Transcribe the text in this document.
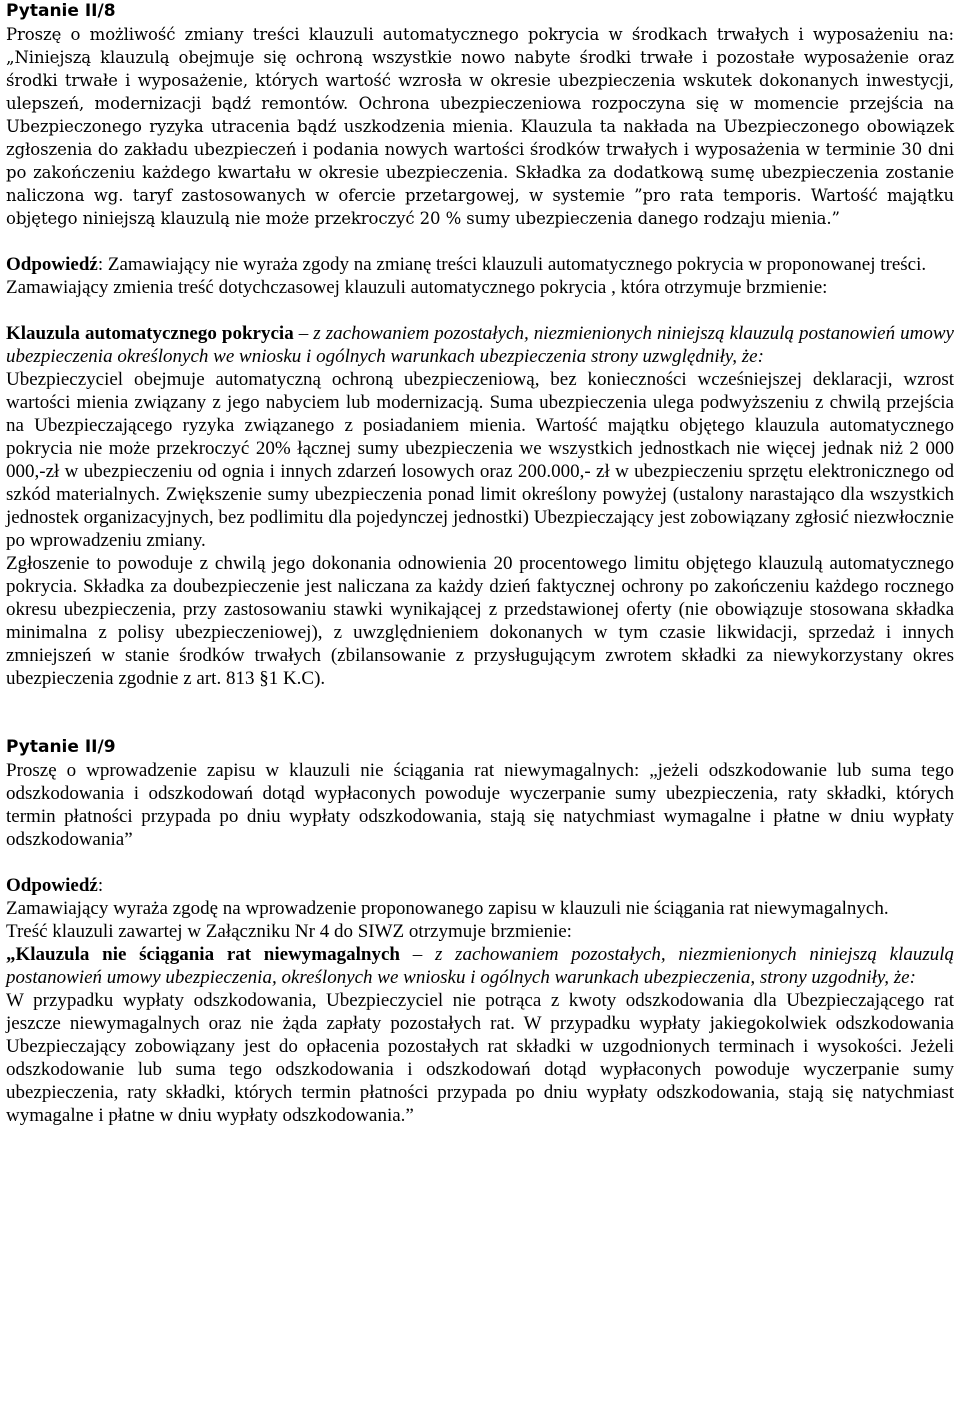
Pytanie II/8

Proszę o możliwość zmiany treści klauzuli automatycznego pokrycia w środkach trwałych i wyposażeniu na: „Niniejszą klauzulą obejmuje się ochroną wszystkie nowo nabyte środki trwałe i pozostałe wyposażenie oraz środki trwałe i wyposażenie, których wartość wzrosła w okresie ubezpieczenia wskutek dokonanych inwestycji, ulepszeń, modernizacji bądź remontów. Ochrona ubezpieczeniowa rozpoczyna się w momencie przejścia na Ubezpieczonego ryzyka utracenia bądź uszkodzenia mienia. Klauzula ta nakłada na Ubezpieczonego obowiązek zgłoszenia do zakładu ubezpieczeń i podania nowych wartości środków trwałych i wyposażenia w terminie 30 dni po zakończeniu każdego kwartału w okresie ubezpieczenia. Składka za dodatkową sumę ubezpieczenia zostanie naliczona wg. taryf zastosowanych w ofercie przetargowej, w systemie ”pro rata temporis. Wartość majątku objętego niniejszą klauzulą nie może przekroczyć 20 % sumy ubezpieczenia danego rodzaju mienia.”

Odpowiedź: Zamawiający nie wyraża zgody na zmianę treści klauzuli automatycznego pokrycia w proponowanej treści.

Zamawiający zmienia treść dotychczasowej klauzuli automatycznego pokrycia , która otrzymuje brzmienie:

Klauzula automatycznego pokrycia – z zachowaniem pozostałych, niezmienionych niniejszą klauzulą postanowień umowy ubezpieczenia określonych we wniosku i ogólnych warunkach ubezpieczenia strony uzwględniły, że:

Ubezpieczyciel obejmuje automatyczną ochroną ubezpieczeniową, bez konieczności wcześniejszej deklaracji, wzrost wartości mienia związany z jego nabyciem lub modernizacją. Suma ubezpieczenia ulega podwyższeniu z chwilą przejścia na Ubezpieczającego ryzyka związanego z posiadaniem mienia. Wartość majątku objętego klauzula automatycznego pokrycia nie może przekroczyć 20% łącznej sumy ubezpieczenia we wszystkich jednostkach nie więcej jednak niż 2 000 000,-zł w ubezpieczeniu od ognia i innych zdarzeń losowych oraz 200.000,- zł w ubezpieczeniu sprzętu elektronicznego od szkód materialnych. Zwiększenie sumy ubezpieczenia ponad limit określony powyżej (ustalony narastająco dla wszystkich jednostek organizacyjnych, bez podlimitu dla pojedynczej jednostki) Ubezpieczający jest zobowiązany zgłosić niezwłocznie po wprowadzeniu zmiany.

Zgłoszenie to powoduje z chwilą jego dokonania odnowienia 20 procentowego limitu objętego klauzulą automatycznego pokrycia. Składka za doubezpieczenie jest naliczana za każdy dzień faktycznej ochrony po zakończeniu każdego rocznego okresu ubezpieczenia, przy zastosowaniu stawki wynikającej z przedstawionej oferty (nie obowiązuje stosowana składka minimalna z polisy ubezpieczeniowej), z uwzględnieniem dokonanych w tym czasie likwidacji, sprzedaż i innych zmniejszeń w stanie środków trwałych (zbilansowanie z przysługującym zwrotem składki za niewykorzystany okres ubezpieczenia zgodnie z art. 813 §1 K.C).

Pytanie II/9

Proszę o wprowadzenie zapisu w klauzuli nie ściągania rat niewymagalnych: „jeżeli odszkodowanie lub suma tego odszkodowania i odszkodowań dotąd wypłaconych powoduje wyczerpanie sumy ubezpieczenia, raty składki, których termin płatności przypada po dniu wypłaty odszkodowania, stają się natychmiast wymagalne i płatne w dniu wypłaty odszkodowania”

Odpowiedź:

Zamawiający wyraża zgodę na wprowadzenie proponowanego zapisu w klauzuli nie ściągania rat niewymagalnych.

Treść klauzuli zawartej w Załączniku Nr 4 do SIWZ otrzymuje brzmienie:

„Klauzula nie ściągania rat niewymagalnych – z zachowaniem pozostałych, niezmienionych niniejszą klauzulą postanowień umowy ubezpieczenia, określonych we wniosku i ogólnych warunkach ubezpieczenia, strony uzgodniły, że:

W przypadku wypłaty odszkodowania, Ubezpieczyciel nie potrąca z kwoty odszkodowania dla Ubezpieczającego rat jeszcze niewymagalnych oraz nie żąda zapłaty pozostałych rat. W przypadku wypłaty jakiegokolwiek odszkodowania Ubezpieczający zobowiązany jest do opłacenia pozostałych rat składki w uzgodnionych terminach i wysokości. Jeżeli odszkodowanie lub suma tego odszkodowania i odszkodowań dotąd wypłaconych powoduje wyczerpanie sumy ubezpieczenia, raty składki, których termin płatności przypada po dniu wypłaty odszkodowania, stają się natychmiast wymagalne i płatne w dniu wypłaty odszkodowania.”
